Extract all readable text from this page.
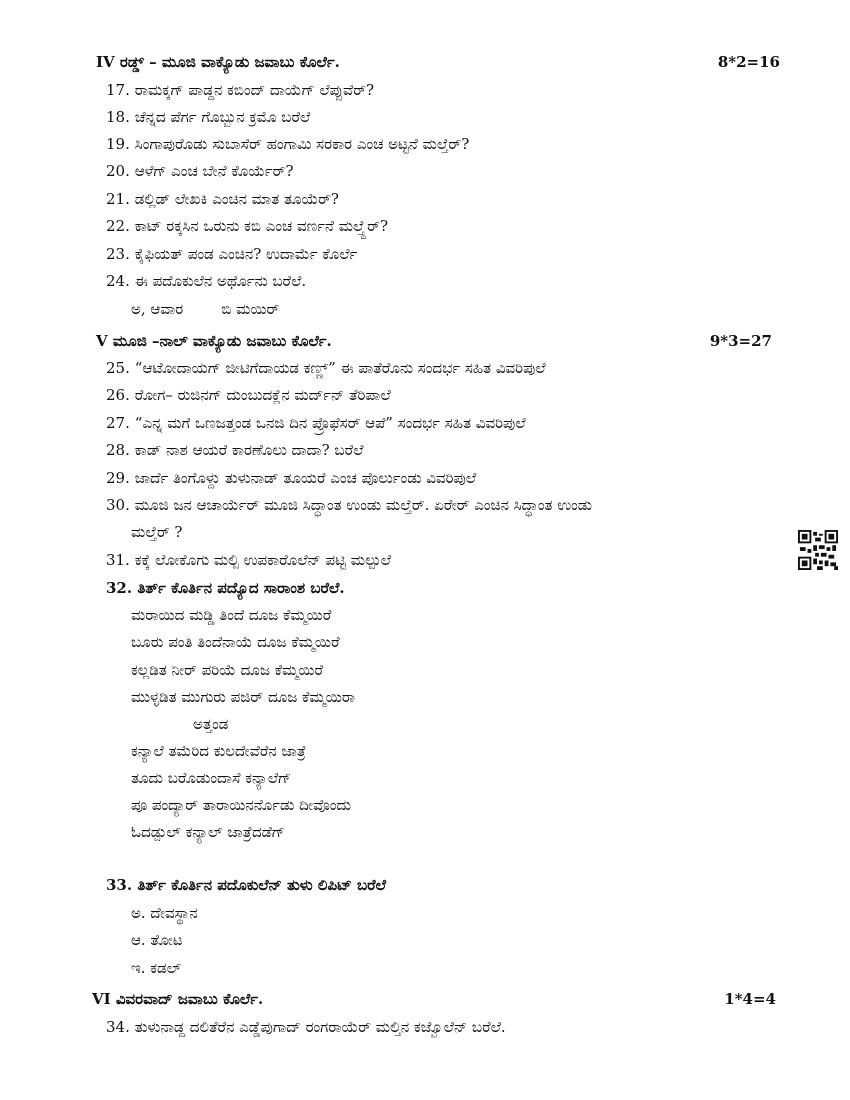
IV ರಡ್ಡ್ – ಮೂಜಿ ವಾಕ್ಯೊಡು ಜವಾಬು ಕೊರ್ಲೆ.	8*2=16
17. ರಾಮಕ್ಕಗ್ ಪಾಡ್ದನ ಕಬಿಂದ್ ದಾಯೆಗ್ ಲೆಪ್ಪುವೆರ್?
18. ಚೆನ್ನದ ಪೆರ್ಗ ಗೊಬ್ಬುನ ಕ್ರಮೊ ಬರೆಲೆ
19. ಸಿಂಗಾಪುರೊಡು ಸುಬಾಸೆರ್ ಹಂಗಾಮಿ ಸರಕಾರ ಎಂಚ ಅಟ್ಟನೆ ಮಲ್ತೆರ್?
20. ಆಳೆಗ್ ಎಂಚ ಬೇನೆ ಕೊರ್ಯೆರ್?
21. ಡಲ್ಲಿಡ್ ಲೇಖಕಿ ಎಂಚಿನ ಮಾತ ತೂಯೆರ್?
22. ಕಾಟ್ ರಕ್ಕಸಿನ ಒರುನು ಕಬಿ ಎಂಚ ವರ್ಣನೆ ಮಲ್ತ್ದೆರ್?
23. ಕೈಫಿಯತ್ ಪಂಡ ಎಂಚಿನ? ಉದಾರ್ಮೆ ಕೊರ್ಲೆ
24. ಈ ಪದೊಕುಲೆನ ಅರ್ಥೊನು ಬರೆಲೆ.
ಅ, ಆವಾರ        ಬಿ ಮಯಿರ್
V ಮೂಜಿ –ನಾಲ್ ವಾಕ್ಯೊಡು ಜವಾಬು ಕೊರ್ಲೆ.	9*3=27
25. “ಆಟೋದಾಯಗ್ ಜೀಟಿಗೆದಾಯಡ ಕಣ್ಣ್” ಈ ಪಾತೆರೊನು ಸಂದರ್ಭ ಸಹಿತ ವಿವರಿಪುಲೆ
26. ರೋಗ– ರುಜಿನಗ್ ದುಂಬುದಕ್ಲೆನ ಮರ್ದ್‌ನ್ ತೆರಿಪಾಲೆ
27. “ಎನ್ನ ಮಗೆ ಒಣಜತ್ತಂಡ ಒನಜಿ ದಿನ ಪ್ರೊಫೆಸರ್ ಆಪೆ” ಸಂದರ್ಭ ಸಹಿತ ವಿವರಿಪುಲೆ
28. ಕಾಡ್ ನಾಶ ಆಯರೆ ಕಾರಣೊಲು ದಾದಾ? ಬರೆಲೆ
29. ಜಾರ್ದೆ ತಿಂಗೊಳ್ದು ತುಳುನಾಡ್ ತೂಯರೆ ಎಂಚ ಪೊರ್ಲುಂಡು ವಿವರಿಪುಲೆ
30. ಮೂಜಿ ಜನ ಆಚಾರ್ಯೆರ್ ಮೂಜಿ ಸಿದ್ಧಾಂತ ಉಂಡು ಮಲ್ತೆರ್. ಏರೇರ್ ಎಂಚಿನ ಸಿದ್ಧಾಂತ ಉಂಡು
ಮಲ್ತೆರ್ ?
31. ಕಕ್ಕೆ ಲೋಕೊಗು ಮಲ್ಪಿ ಉಪಕಾರೊಲೆನ್ ಪಟ್ಟಿ ಮಲ್ಪುಲೆ
32. ತಿರ್ತ್ ಕೊರ್ತಿನ ಪದ್ಯೊದ ಸಾರಾಂಶ ಬರೆಲೆ.
ಮರಾಯಿದ ಮಡ್ಡಿ ತಿಂದೆ ದೂಜ ಕೆಮ್ಮಯಿರೆ
ಬೂರು ಪಂತಿ ತಿಂದೆನಾಯೆ ದೂಜ ಕೆಮ್ಮಯಿರೆ
ಕಲ್ಲಡಿತ ನೀರ್ ಪರಿಯೆ ದೂಜ ಕೆಮ್ಮಯಿರೆ
ಮುಳ್ಳಡಿತ ಮುಗುರು ಪಜಿರ್ ದೂಜ ಕೆಮ್ಮಯಿರಾ
ಅತ್ತಂಡ
ಕನ್ಯಾಲೆ ತಮೆರಿದ ಕುಲದೇವೆರೆನ ಜಾತ್ರೆ
ತೂದು ಬರೊಡುಂದಾಸೆ ಕನ್ಯಾಲೆಗ್
ಪೂ ಪಂದ್ಯಾರ್ ತಾರಾಯಿನರ್ನೊಡು ದೀವೊಂದು
ಓದಡ್ಪುಲ್ ಕನ್ಯಾಲ್ ಜಾತ್ರೆದಡೆಗ್
33. ತಿರ್ತ್ ಕೊರ್ತಿನ ಪದೊಕುಲೆನ್ ತುಳು ಲಿಪಿಟ್ ಬರೆಲೆ
ಅ. ದೇವಸ್ಥಾನ
ಆ. ತೋಟ
ಇ. ಕಡಲ್
VI ವಿವರವಾದ್ ಜವಾಬು ಕೊರ್ಲೆ.	1*4=4
34. ತುಳುನಾಡ್ದ ದಲಿತೆರೆನ ಎಡ್ಡೆಪುಗಾದ್ ರಂಗರಾಯೆರ್ ಮಲ್ತಿನ ಕಜ್ವೊಲೆನ್ ಬರೆಲೆ.
